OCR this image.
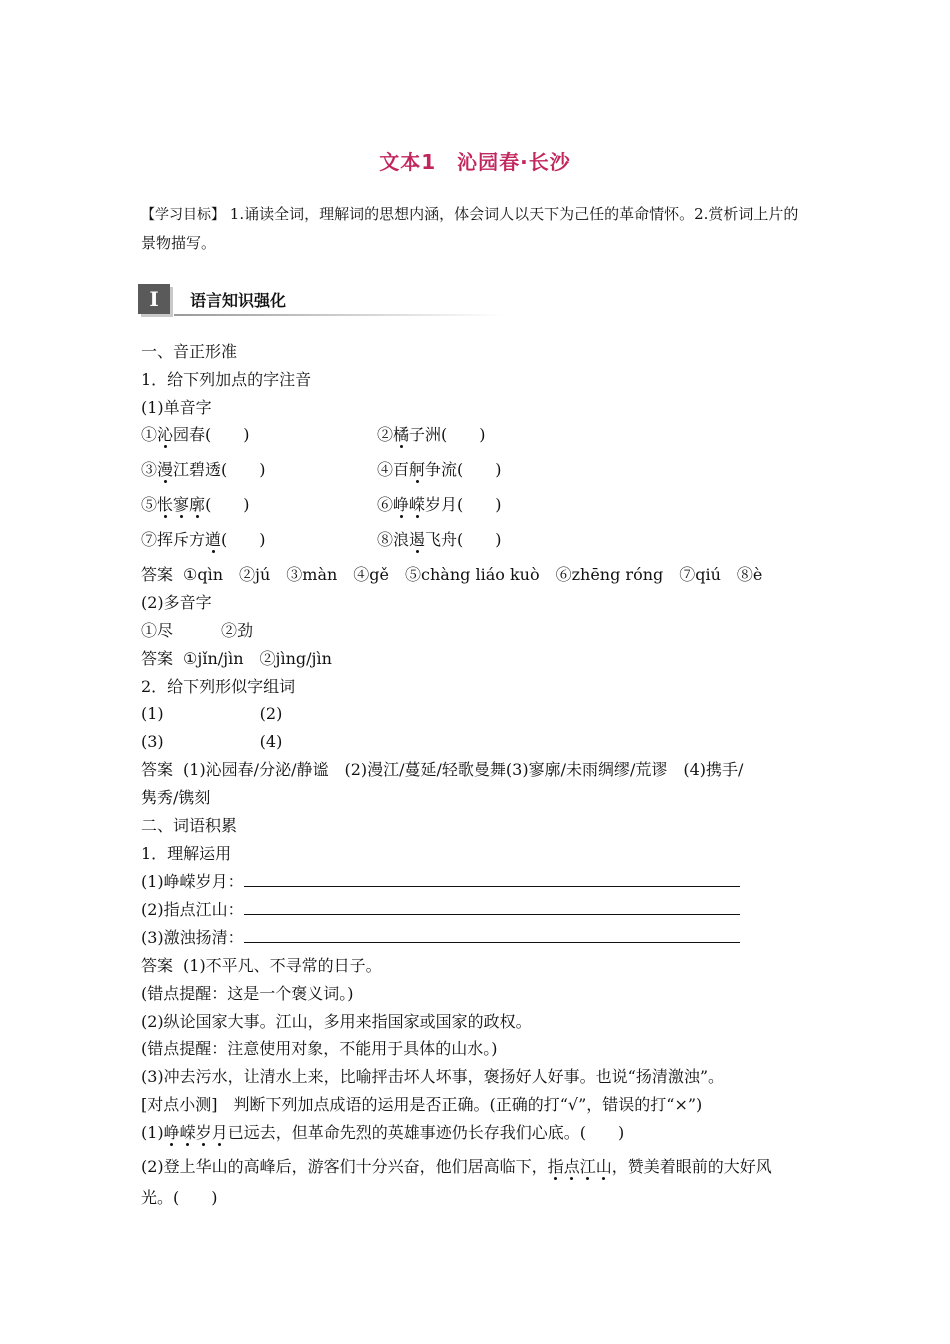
文本1　沁园春·长沙
【学习目标】 1.诵读全词，理解词的思想内涵，体会词人以天下为己任的革命情怀。2.赏析词上片的景物描写。
I	语言知识强化
一、音正形准
1．给下列加点的字注音
(1)单音字
①沁园春(　　)	②橘子洲(　　)
③漫江碧透(　　)	④百舸争流(　　)
⑤怅寥廓(　　)	⑥峥嵘岁月(　　)
⑦挥斥方遒(　　)	⑧浪遏飞舟(　　)
答案 ①qìn　②jú　③màn　④gě　⑤chàng liáo kuò　⑥zhēng róng　⑦qiú　⑧è
(2)多音字
①尽　　　②劲
答案 ①jǐn/jìn　②jìng/jìn
2．给下列形似字组词
(1)　　　　　　(2)
(3)　　　　　　(4)
答案 (1)沁园春/分泌/静谧　(2)漫江/蔓延/轻歌曼舞(3)寥廓/未雨绸缪/荒谬　(4)携手/
隽秀/镌刻
二、词语积累
1．理解运用
(1)峥嵘岁月：
(2)指点江山：
(3)激浊扬清：
答案 (1)不平凡、不寻常的日子。
(错点提醒：这是一个褒义词。)
(2)纵论国家大事。江山，多用来指国家或国家的政权。
(错点提醒：注意使用对象，不能用于具体的山水。)
(3)冲去污水，让清水上来，比喻抨击坏人坏事，褒扬好人好事。也说“扬清激浊”。
[对点小测]　判断下列加点成语的运用是否正确。(正确的打“√”，错误的打“×”)
(1)峥嵘岁月已远去，但革命先烈的英雄事迹仍长存我们心底。(　　)
(2)登上华山的高峰后，游客们十分兴奋，他们居高临下，指点江山，赞美着眼前的大好风
光。(　　)
